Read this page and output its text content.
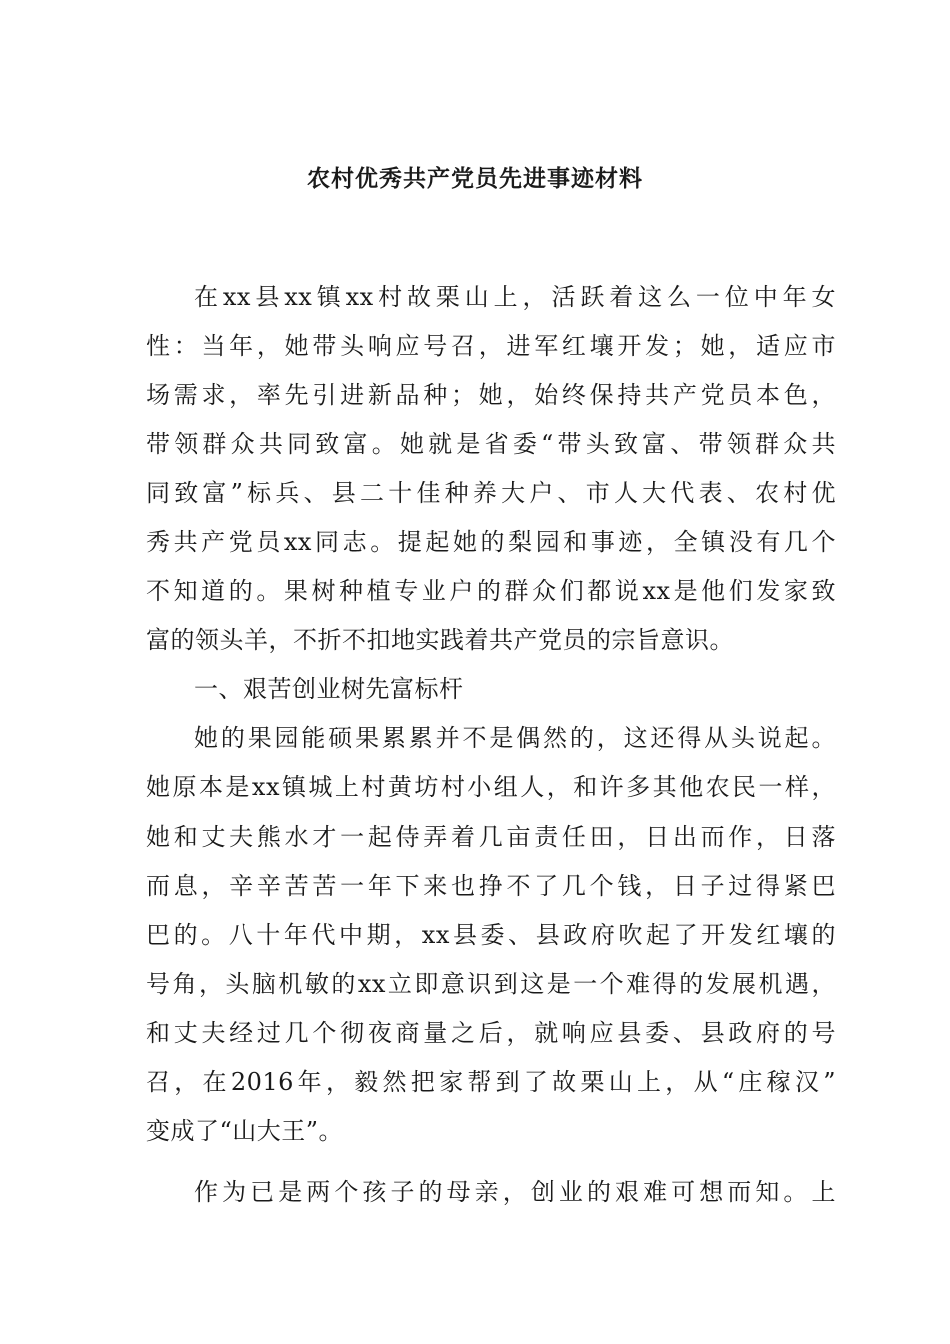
农村优秀共产党员先进事迹材料

在xx县xx镇xx村故栗山上，活跃着这么一位中年女

性：当年，她带头响应号召，进军红壤开发；她，适应市

场需求，率先引进新品种；她，始终保持共产党员本色，

带领群众共同致富。她就是省委“带头致富、带领群众共

同致富”标兵、县二十佳种养大户、市人大代表、农村优

秀共产党员xx同志。提起她的梨园和事迹，全镇没有几个

不知道的。果树种植专业户的群众们都说xx是他们发家致

富的领头羊，不折不扣地实践着共产党员的宗旨意识。

一、艰苦创业树先富标杆

她的果园能硕果累累并不是偶然的，这还得从头说起。

她原本是xx镇城上村黄坊村小组人，和许多其他农民一样，

她和丈夫熊水才一起侍弄着几亩责任田，日出而作，日落

而息，辛辛苦苦一年下来也挣不了几个钱，日子过得紧巴

巴的。八十年代中期，xx县委、县政府吹起了开发红壤的

号角，头脑机敏的xx立即意识到这是一个难得的发展机遇，

和丈夫经过几个彻夜商量之后，就响应县委、县政府的号

召，在2016年，毅然把家帮到了故栗山上，从“庄稼汉”

变成了“山大王”。

作为已是两个孩子的母亲，创业的艰难可想而知。上
